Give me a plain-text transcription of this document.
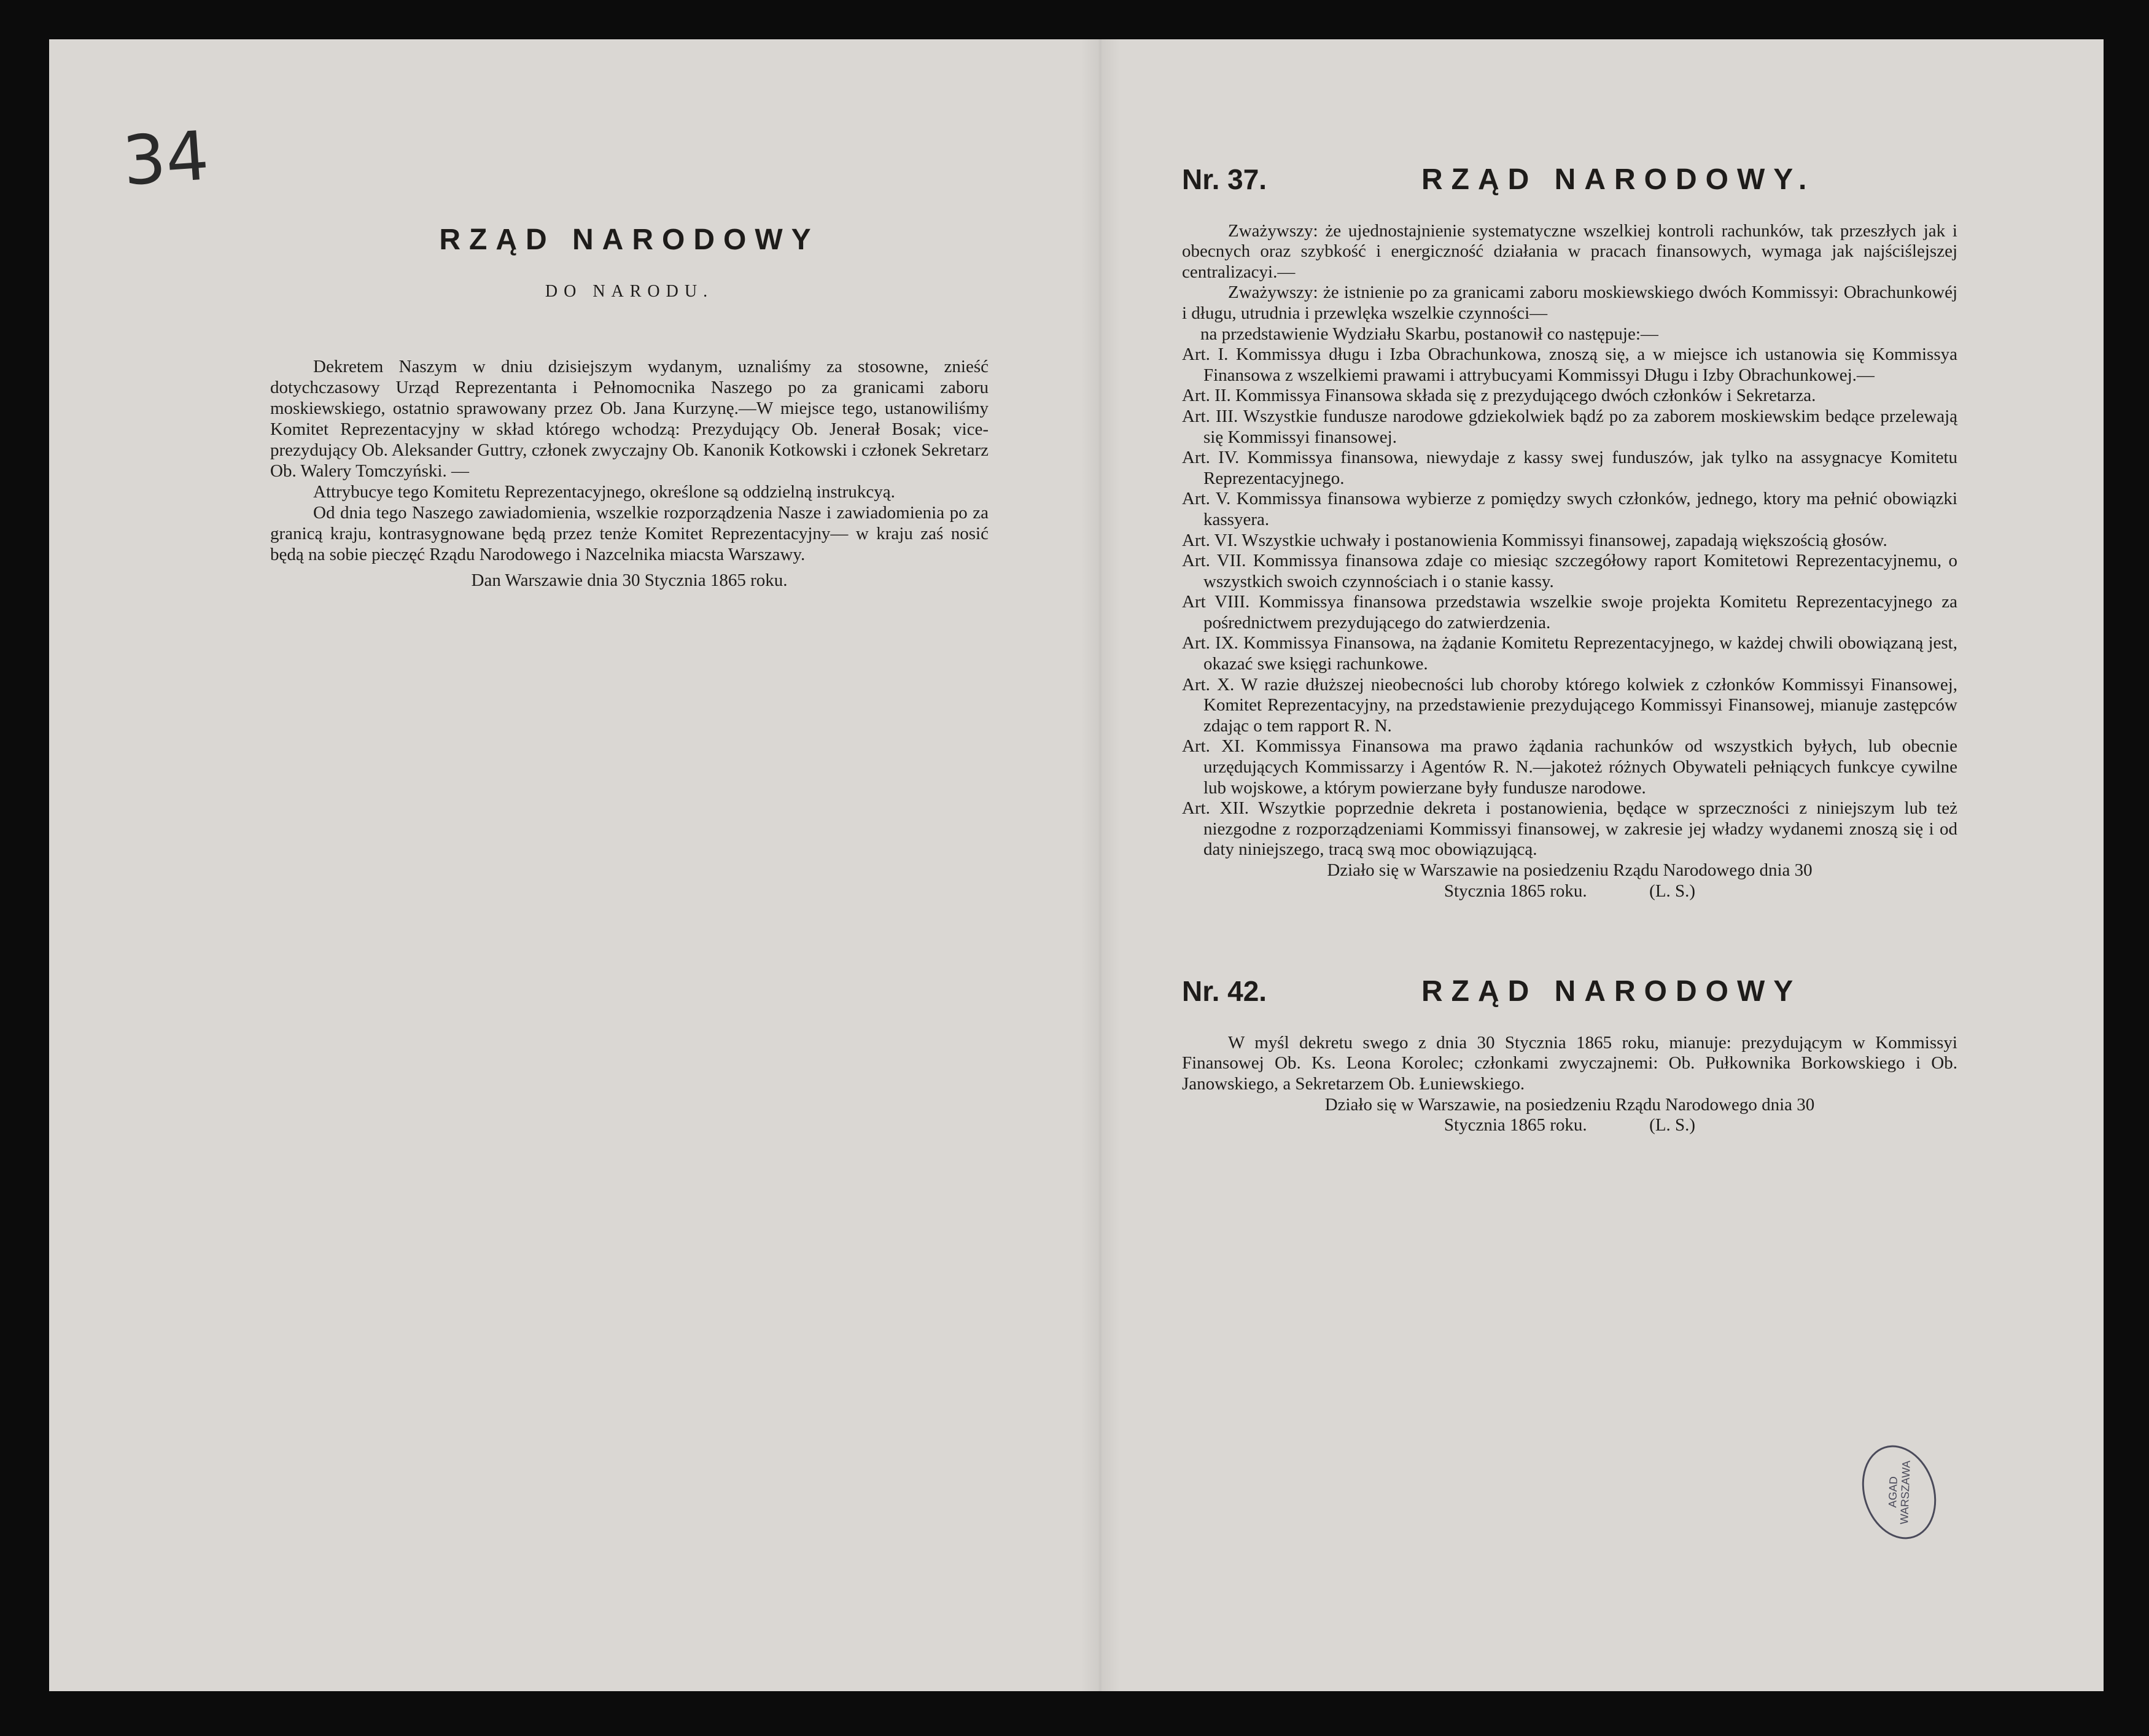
34
RZĄD NARODOWY
DO NARODU.

Dekretem Naszym w dniu dzisiejszym wydanym, uznaliśmy za stosowne, znieść dotychczasowy Urząd Reprezentanta i Pełnomocnika Naszego po za granicami zaboru moskiewskiego, ostatnio sprawowany przez Ob. Jana Kurzynę.—W miejsce tego, ustanowiliśmy Komitet Reprezentacyjny w skład którego wchodzą: Prezydujący Ob. Jenerał Bosak; vice-prezydujący Ob. Aleksander Guttry, członek zwyczajny Ob. Kanonik Kotkowski i członek Sekretarz Ob. Walery Tomczyński. —

Attrybucye tego Komitetu Reprezentacyjnego, określone są oddzielną instrukcyą.

Od dnia tego Naszego zawiadomienia, wszelkie rozporządzenia Nasze i zawiadomienia po za granicą kraju, kontrasygnowane będą przez tenże Komitet Reprezentacyjny— w kraju zaś nosić będą na sobie pieczęć Rządu Narodowego i Nazcelnika miacsta Warszawy.

Dan Warszawie dnia 30 Stycznia 1865 roku.

Nr. 37.	RZĄD NARODOWY.

Zważywszy: że ujednostajnienie systematyczne wszelkiej kontroli rachunków, tak przeszłych jak i obecnych oraz szybkość i energiczność działania w pracach finansowych, wymaga jak najściślejszej centralizacyi.—

Zważywszy: że istnienie po za granicami zaboru moskiewskiego dwóch Kommissyi: Obrachunkowéj i długu, utrudnia i przewlęka wszelkie czynności—

na przedstawienie Wydziału Skarbu, postanowił co następuje:—

Art. I. Kommissya długu i Izba Obrachunkowa, znoszą się, a w miejsce ich ustanowia się Kommissya Finansowa z wszelkiemi prawami i attrybucyami Kommissyi Długu i Izby Obrachunkowej.—

Art. II. Kommissya Finansowa składa się z prezydującego dwóch członków i Sekretarza.

Art. III. Wszystkie fundusze narodowe gdziekolwiek bądź po za zaborem moskiewskim bedące przelewają się Kommissyi finansowej.

Art. IV. Kommissya finansowa, niewydaje z kassy swej funduszów, jak tylko na assygnacye Komitetu Reprezentacyjnego.

Art. V. Kommissya finansowa wybierze z pomiędzy swych członków, jednego, ktory ma pełnić obowiązki kassyera.

Art. VI. Wszystkie uchwały i postanowienia Kommissyi finansowej, zapadają większością głosów.

Art. VII. Kommissya finansowa zdaje co miesiąc szczegółowy raport Komitetowi Reprezentacyjnemu, o wszystkich swoich czynnościach i o stanie kassy.

Art VIII. Kommissya finansowa przedstawia wszelkie swoje projekta Komitetu Reprezentacyjnego za pośrednictwem prezydującego do zatwierdzenia.

Art. IX. Kommissya Finansowa, na żądanie Komitetu Reprezentacyjnego, w każdej chwili obowiązaną jest, okazać swe księgi rachunkowe.

Art. X. W razie dłuższej nieobecności lub choroby którego kolwiek z członków Kommissyi Finansowej, Komitet Reprezentacyjny, na przedstawienie prezydującego Kommissyi Finansowej, mianuje zastępców zdając o tem rapport R. N.

Art. XI. Kommissya Finansowa ma prawo żądania rachunków od wszystkich byłych, lub obecnie urzędujących Kommissarzy i Agentów R. N.—jakoteż różnych Obywateli pełniących funkcye cywilne lub wojskowe, a którym powierzane były fundusze narodowe.

Art. XII. Wszytkie poprzednie dekreta i postanowienia, będące w sprzeczności z niniejszym lub też niezgodne z rozporządzeniami Kommissyi finansowej, w zakresie jej władzy wydanemi znoszą się i od daty niniejszego, tracą swą moc obowiązującą.

Działo się w Warszawie na posiedzeniu Rządu Narodowego dnia 30

Stycznia 1865 roku.	(L. S.)

Nr. 42.	RZĄD NARODOWY

W myśl dekretu swego z dnia 30 Stycznia 1865 roku, mianuje: prezydującym w Kommissyi Finansowej Ob. Ks. Leona Korolec; członkami zwyczajnemi: Ob. Pułkownika Borkowskiego i Ob. Janowskiego, a Sekretarzem Ob. Łuniewskiego.

Działo się w Warszawie, na posiedzeniu Rządu Narodowego dnia 30

Stycznia 1865 roku.	(L. S.)

AGAD
WARSZAWA
